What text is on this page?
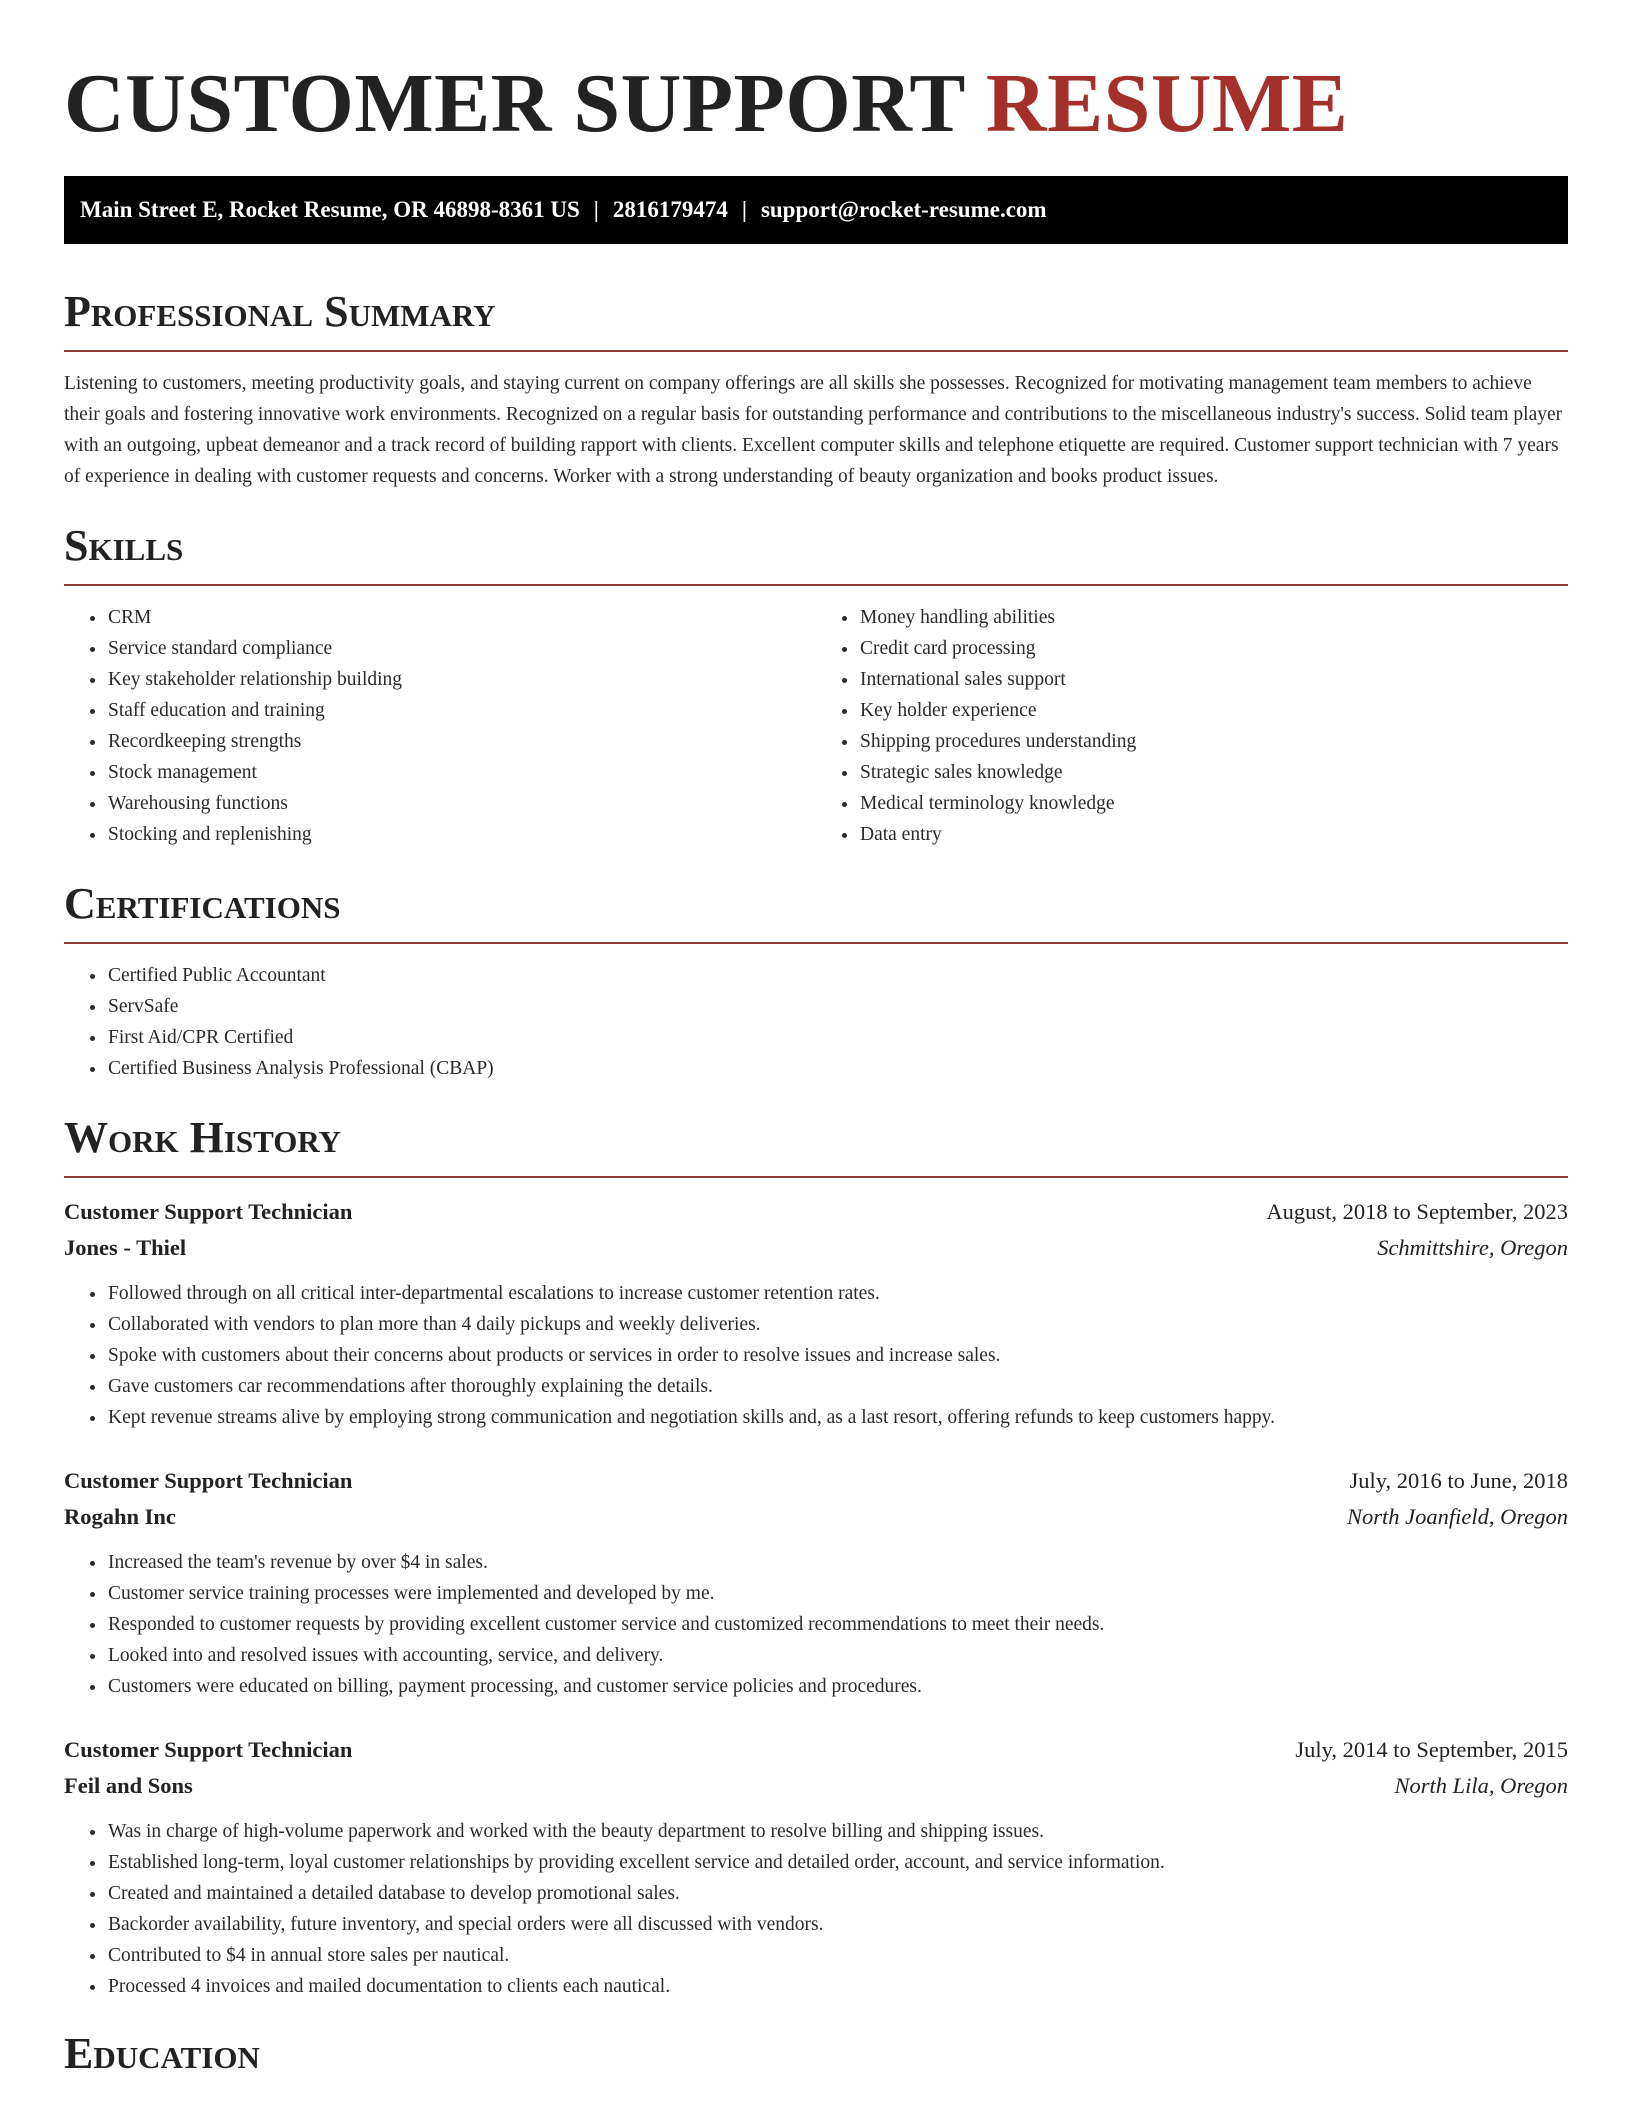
CUSTOMER SUPPORT RESUME
Main Street E, Rocket Resume, OR 46898-8361 US | 2816179474 | support@rocket-resume.com
Professional Summary

Listening to customers, meeting productivity goals, and staying current on company offerings are all skills she possesses. Recognized for motivating management team members to achieve their goals and fostering innovative work environments. Recognized on a regular basis for outstanding performance and contributions to the miscellaneous industry's success. Solid team player with an outgoing, upbeat demeanor and a track record of building rapport with clients. Excellent computer skills and telephone etiquette are required. Customer support technician with 7 years of experience in dealing with customer requests and concerns. Worker with a strong understanding of beauty organization and books product issues.

Skills
• CRM
• Service standard compliance
• Key stakeholder relationship building
• Staff education and training
• Recordkeeping strengths
• Stock management
• Warehousing functions
• Stocking and replenishing
• Money handling abilities
• Credit card processing
• International sales support
• Key holder experience
• Shipping procedures understanding
• Strategic sales knowledge
• Medical terminology knowledge
• Data entry
Certifications
• Certified Public Accountant
• ServSafe
• First Aid/CPR Certified
• Certified Business Analysis Professional (CBAP)
Work History
Customer Support Technician	August, 2018 to September, 2023
Jones - Thiel	Schmittshire, Oregon
• Followed through on all critical inter-departmental escalations to increase customer retention rates.
• Collaborated with vendors to plan more than 4 daily pickups and weekly deliveries.
• Spoke with customers about their concerns about products or services in order to resolve issues and increase sales.
• Gave customers car recommendations after thoroughly explaining the details.
• Kept revenue streams alive by employing strong communication and negotiation skills and, as a last resort, offering refunds to keep customers happy.
Customer Support Technician	July, 2016 to June, 2018
Rogahn Inc	North Joanfield, Oregon
• Increased the team's revenue by over $4 in sales.
• Customer service training processes were implemented and developed by me.
• Responded to customer requests by providing excellent customer service and customized recommendations to meet their needs.
• Looked into and resolved issues with accounting, service, and delivery.
• Customers were educated on billing, payment processing, and customer service policies and procedures.
Customer Support Technician	July, 2014 to September, 2015
Feil and Sons	North Lila, Oregon
• Was in charge of high-volume paperwork and worked with the beauty department to resolve billing and shipping issues.
• Established long-term, loyal customer relationships by providing excellent service and detailed order, account, and service information.
• Created and maintained a detailed database to develop promotional sales.
• Backorder availability, future inventory, and special orders were all discussed with vendors.
• Contributed to $4 in annual store sales per nautical.
• Processed 4 invoices and mailed documentation to clients each nautical.
Education
